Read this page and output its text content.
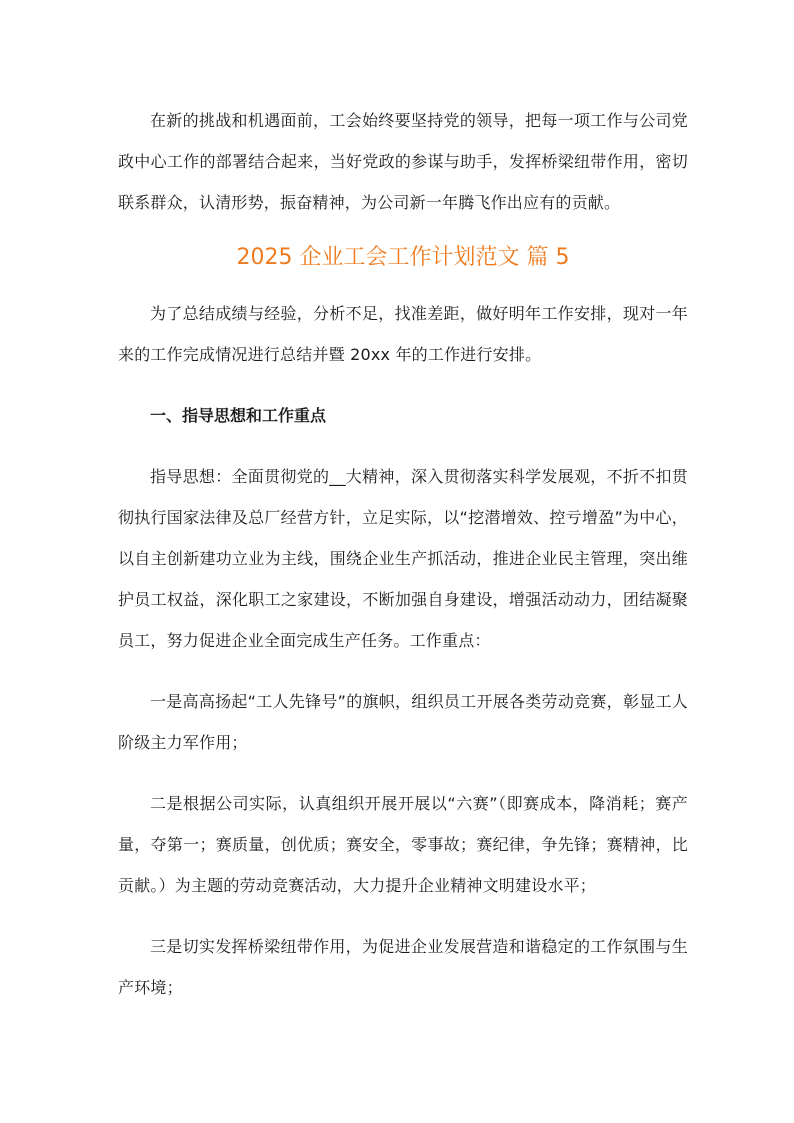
在新的挑战和机遇面前，工会始终要坚持党的领导，把每一项工作与公司党政中心工作的部署结合起来，当好党政的参谋与助手，发挥桥梁纽带作用，密切联系群众，认清形势，振奋精神，为公司新一年腾飞作出应有的贡献。

2025 企业工会工作计划范文 篇 5

为了总结成绩与经验，分析不足，找准差距，做好明年工作安排，现对一年来的工作完成情况进行总结并暨 20xx 年的工作进行安排。

一、指导思想和工作重点

指导思想：全面贯彻党的__大精神，深入贯彻落实科学发展观，不折不扣贯彻执行国家法律及总厂经营方针，立足实际，以“挖潜增效、控亏增盈”为中心，以自主创新建功立业为主线，围绕企业生产抓活动，推进企业民主管理，突出维护员工权益，深化职工之家建设，不断加强自身建设，增强活动动力，团结凝聚员工，努力促进企业全面完成生产任务。工作重点：

一是高高扬起“工人先锋号”的旗帜，组织员工开展各类劳动竞赛，彰显工人阶级主力军作用；

二是根据公司实际，认真组织开展开展以“六赛”（即赛成本，降消耗；赛产量，夺第一；赛质量，创优质；赛安全，零事故；赛纪律，争先锋；赛精神，比贡献。）为主题的劳动竞赛活动，大力提升企业精神文明建设水平；

三是切实发挥桥梁纽带作用，为促进企业发展营造和谐稳定的工作氛围与生产环境；
